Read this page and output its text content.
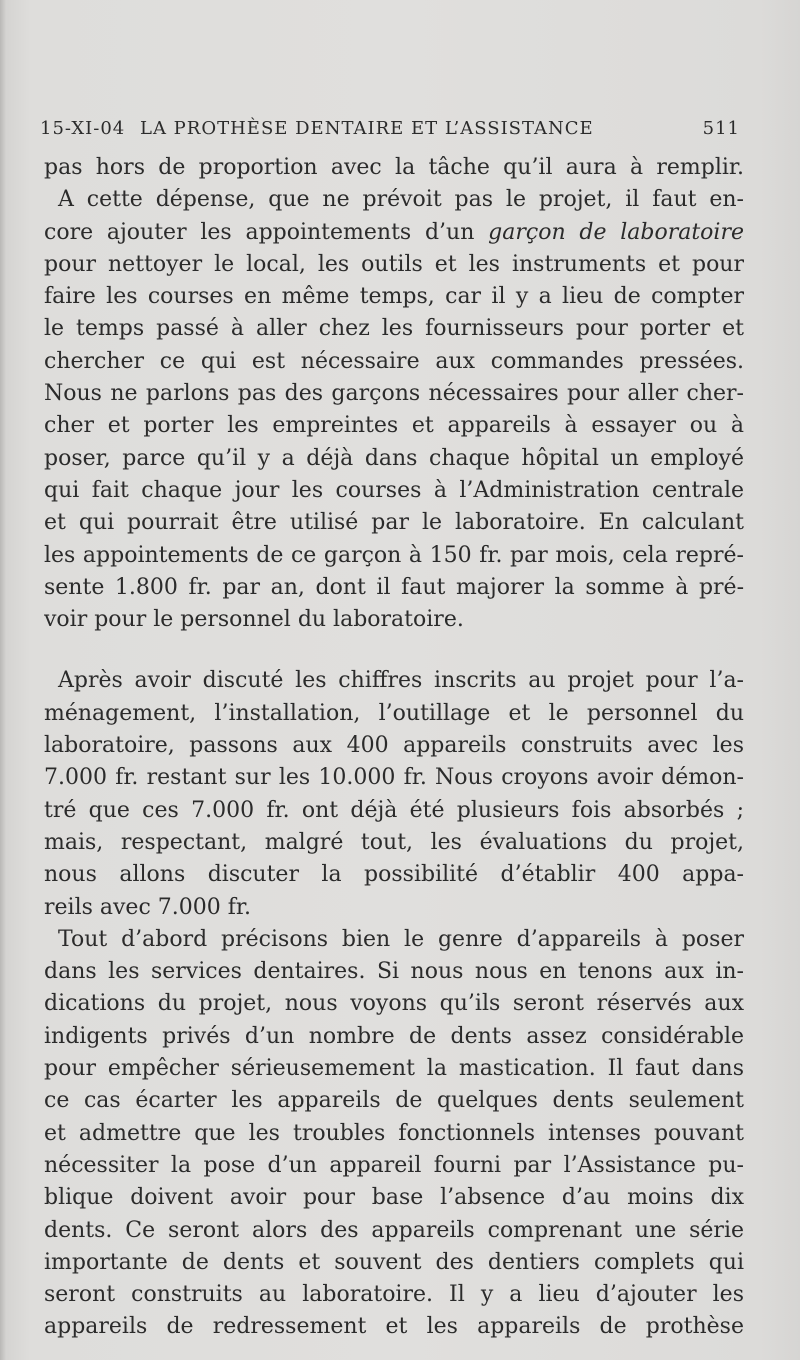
15-XI-04 LA PROTHÈSE DENTAIRE ET L’ASSISTANCE	511
pas hors de proportion avec la tâche qu’il aura à remplir.
A cette dépense, que ne prévoit pas le projet, il faut en-
core ajouter les appointements d’un garçon de laboratoire
pour nettoyer le local, les outils et les instruments et pour
faire les courses en même temps, car il y a lieu de compter
le temps passé à aller chez les fournisseurs pour porter et
chercher ce qui est nécessaire aux commandes pressées.
Nous ne parlons pas des garçons nécessaires pour aller cher-
cher et porter les empreintes et appareils à essayer ou à
poser, parce qu’il y a déjà dans chaque hôpital un employé
qui fait chaque jour les courses à l’Administration centrale
et qui pourrait être utilisé par le laboratoire. En calculant
les appointements de ce garçon à 150 fr. par mois, cela repré-
sente 1.800 fr. par an, dont il faut majorer la somme à pré-
voir pour le personnel du laboratoire.
Après avoir discuté les chiffres inscrits au projet pour l’a-
ménagement, l’installation, l’outillage et le personnel du
laboratoire, passons aux 400 appareils construits avec les
7.000 fr. restant sur les 10.000 fr. Nous croyons avoir démon-
tré que ces 7.000 fr. ont déjà été plusieurs fois absorbés ;
mais, respectant, malgré tout, les évaluations du projet,
nous allons discuter la possibilité d’établir 400 appa-
reils avec 7.000 fr.
Tout d’abord précisons bien le genre d’appareils à poser
dans les services dentaires. Si nous nous en tenons aux in-
dications du projet, nous voyons qu’ils seront réservés aux
indigents privés d’un nombre de dents assez considérable
pour empêcher sérieusemement la mastication. Il faut dans
ce cas écarter les appareils de quelques dents seulement
et admettre que les troubles fonctionnels intenses pouvant
nécessiter la pose d’un appareil fourni par l’Assistance pu-
blique doivent avoir pour base l’absence d’au moins dix
dents. Ce seront alors des appareils comprenant une série
importante de dents et souvent des dentiers complets qui
seront construits au laboratoire. Il y a lieu d’ajouter les
appareils de redressement et les appareils de prothèse
